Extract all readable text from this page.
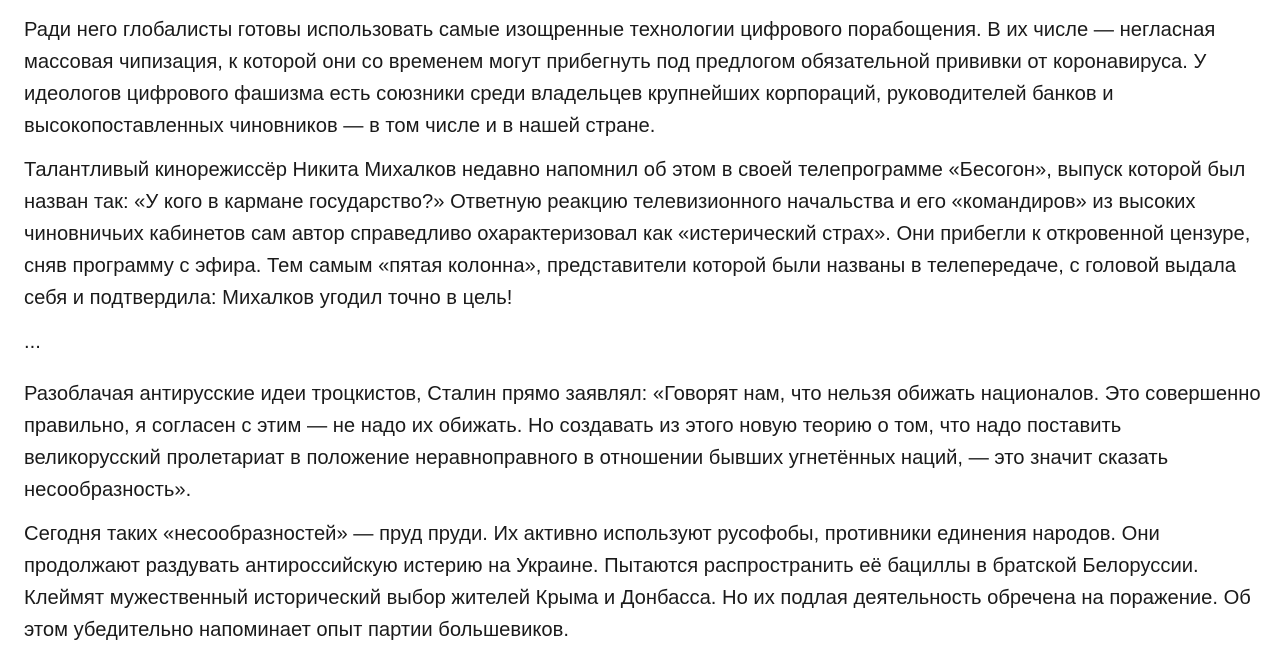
Ради него глобалисты готовы использовать самые изощренные технологии цифрового порабощения. В их числе — негласная массовая чипизация, к которой они со временем могут прибегнуть под предлогом обязательной прививки от коронавируса. У идеологов цифрового фашизма есть союзники среди владельцев крупнейших корпораций, руководителей банков и высокопоставленных чиновников — в том числе и в нашей стране.

Талантливый кинорежиссёр Никита Михалков недавно напомнил об этом в своей телепрограмме «Бесогон», выпуск которой был назван так: «У кого в кармане государство?» Ответную реакцию телевизионного начальства и его «командиров» из высоких чиновничьих кабинетов сам автор справедливо охарактеризовал как «истерический страх». Они прибегли к откровенной цензуре, сняв программу с эфира. Тем самым «пятая колонна», представители которой были названы в телепередаче, с головой выдала себя и подтвердила: Михалков угодил точно в цель!

...

Разоблачая антирусские идеи троцкистов, Сталин прямо заявлял: «Говорят нам, что нельзя обижать националов. Это совершенно правильно, я согласен с этим — не надо их обижать. Но создавать из этого новую теорию о том, что надо поставить великорусский пролетариат в положение неравноправного в отношении бывших угнетённых наций, — это значит сказать несообразность».

Сегодня таких «несообразностей» — пруд пруди. Их активно используют русофобы, противники единения народов. Они продолжают раздувать антироссийскую истерию на Украине. Пытаются распространить её бациллы в братской Белоруссии. Клеймят мужественный исторический выбор жителей Крыма и Донбасса. Но их подлая деятельность обречена на поражение. Об этом убедительно напоминает опыт партии большевиков.
